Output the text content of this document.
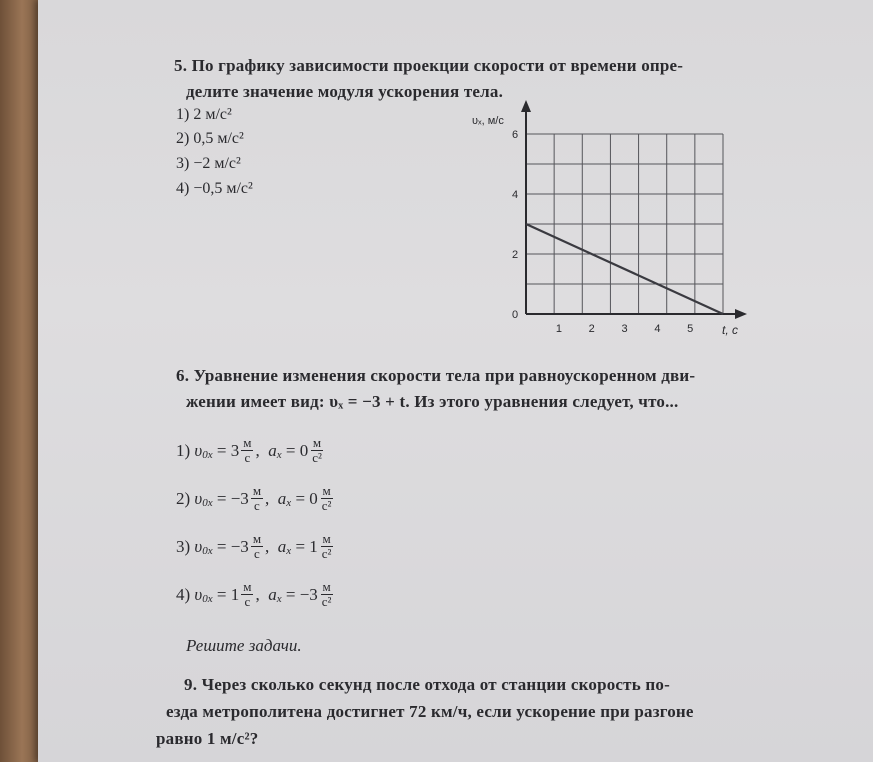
5. По графику зависимости проекции скорости от времени опре-
делите значение модуля ускорения тела.
1) 2 м/с²
2) 0,5 м/с²
3) −2 м/с²
4) −0,5 м/с²
1 2 3 4 5
0
2
4
6
υₓ, м/с
t, c
6. Уравнение изменения скорости тела при равноускоренном дви-
жении имеет вид: υₓ = −3 + t. Из этого уравнения следует, что...
1)
υ 0x
=
$3 \frac{м}{с}$ , a x
=
$0 \frac{м}{\text{с²}}$
2)
υ 0x
=
$-3 \frac{м}{с}$ , a x
=
$0 \frac{м}{\text{с²}}$
3)
υ 0x
=
$-3 \frac{м}{с}$ , a x
=
$1 \frac{м}{\text{с²}}$
4)
υ 0x
=
$1 \frac{м}{с}$ , a x
=
$-3 \frac{м}{\text{с²}}$
Решите задачи.
9. Через сколько секунд после отхода от станции скорость по-
езда метрополитена достигнет 72 км/ч, если ускорение при разгоне
равно 1 м/с²?
